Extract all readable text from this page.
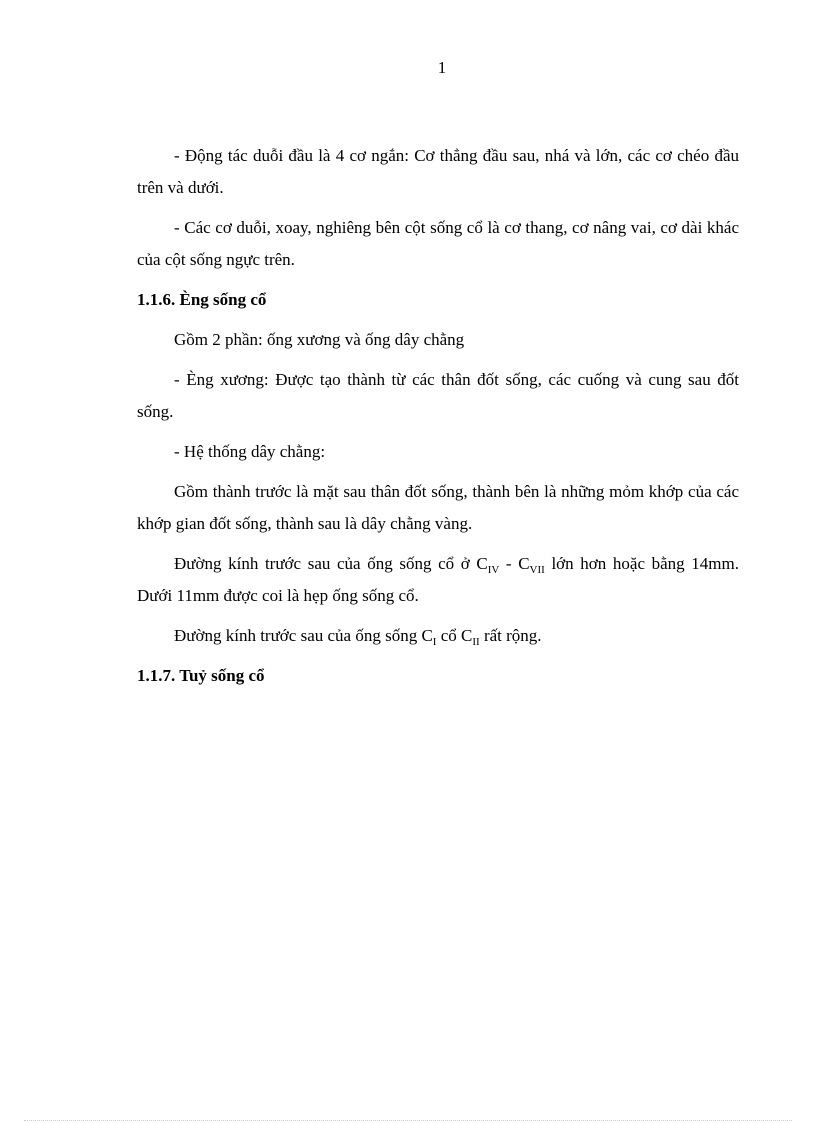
1

- Động tác duỗi đầu là 4 cơ ngắn: Cơ thẳng đầu sau, nhá và lớn, các cơ chéo đầu trên và dưới.

- Các cơ duỗi, xoay, nghiêng bên cột sống cổ là cơ thang, cơ nâng vai, cơ dài khác của cột sống ngực trên.

1.1.6. Èng sống cổ

Gồm 2 phần: ống xương và ống dây chằng

- Èng xương: Được tạo thành từ các thân đốt sống, các cuống và cung sau đốt sống.

- Hệ thống dây chằng:

Gồm thành trước là mặt sau thân đốt sống, thành bên là những mỏm khớp của các khớp gian đốt sống, thành sau là dây chằng vàng.

Đường kính trước sau của ống sống cổ ở $C_{IV} - C_{VII}$ lớn hơn hoặc bằng 14mm. Dưới 11mm được coi là hẹp ống sống cổ.

Đường kính trước sau của ống sống $C_I$ cổ $C_{II}$ rất rộng.

1.1.7. Tuỷ sống cổ
